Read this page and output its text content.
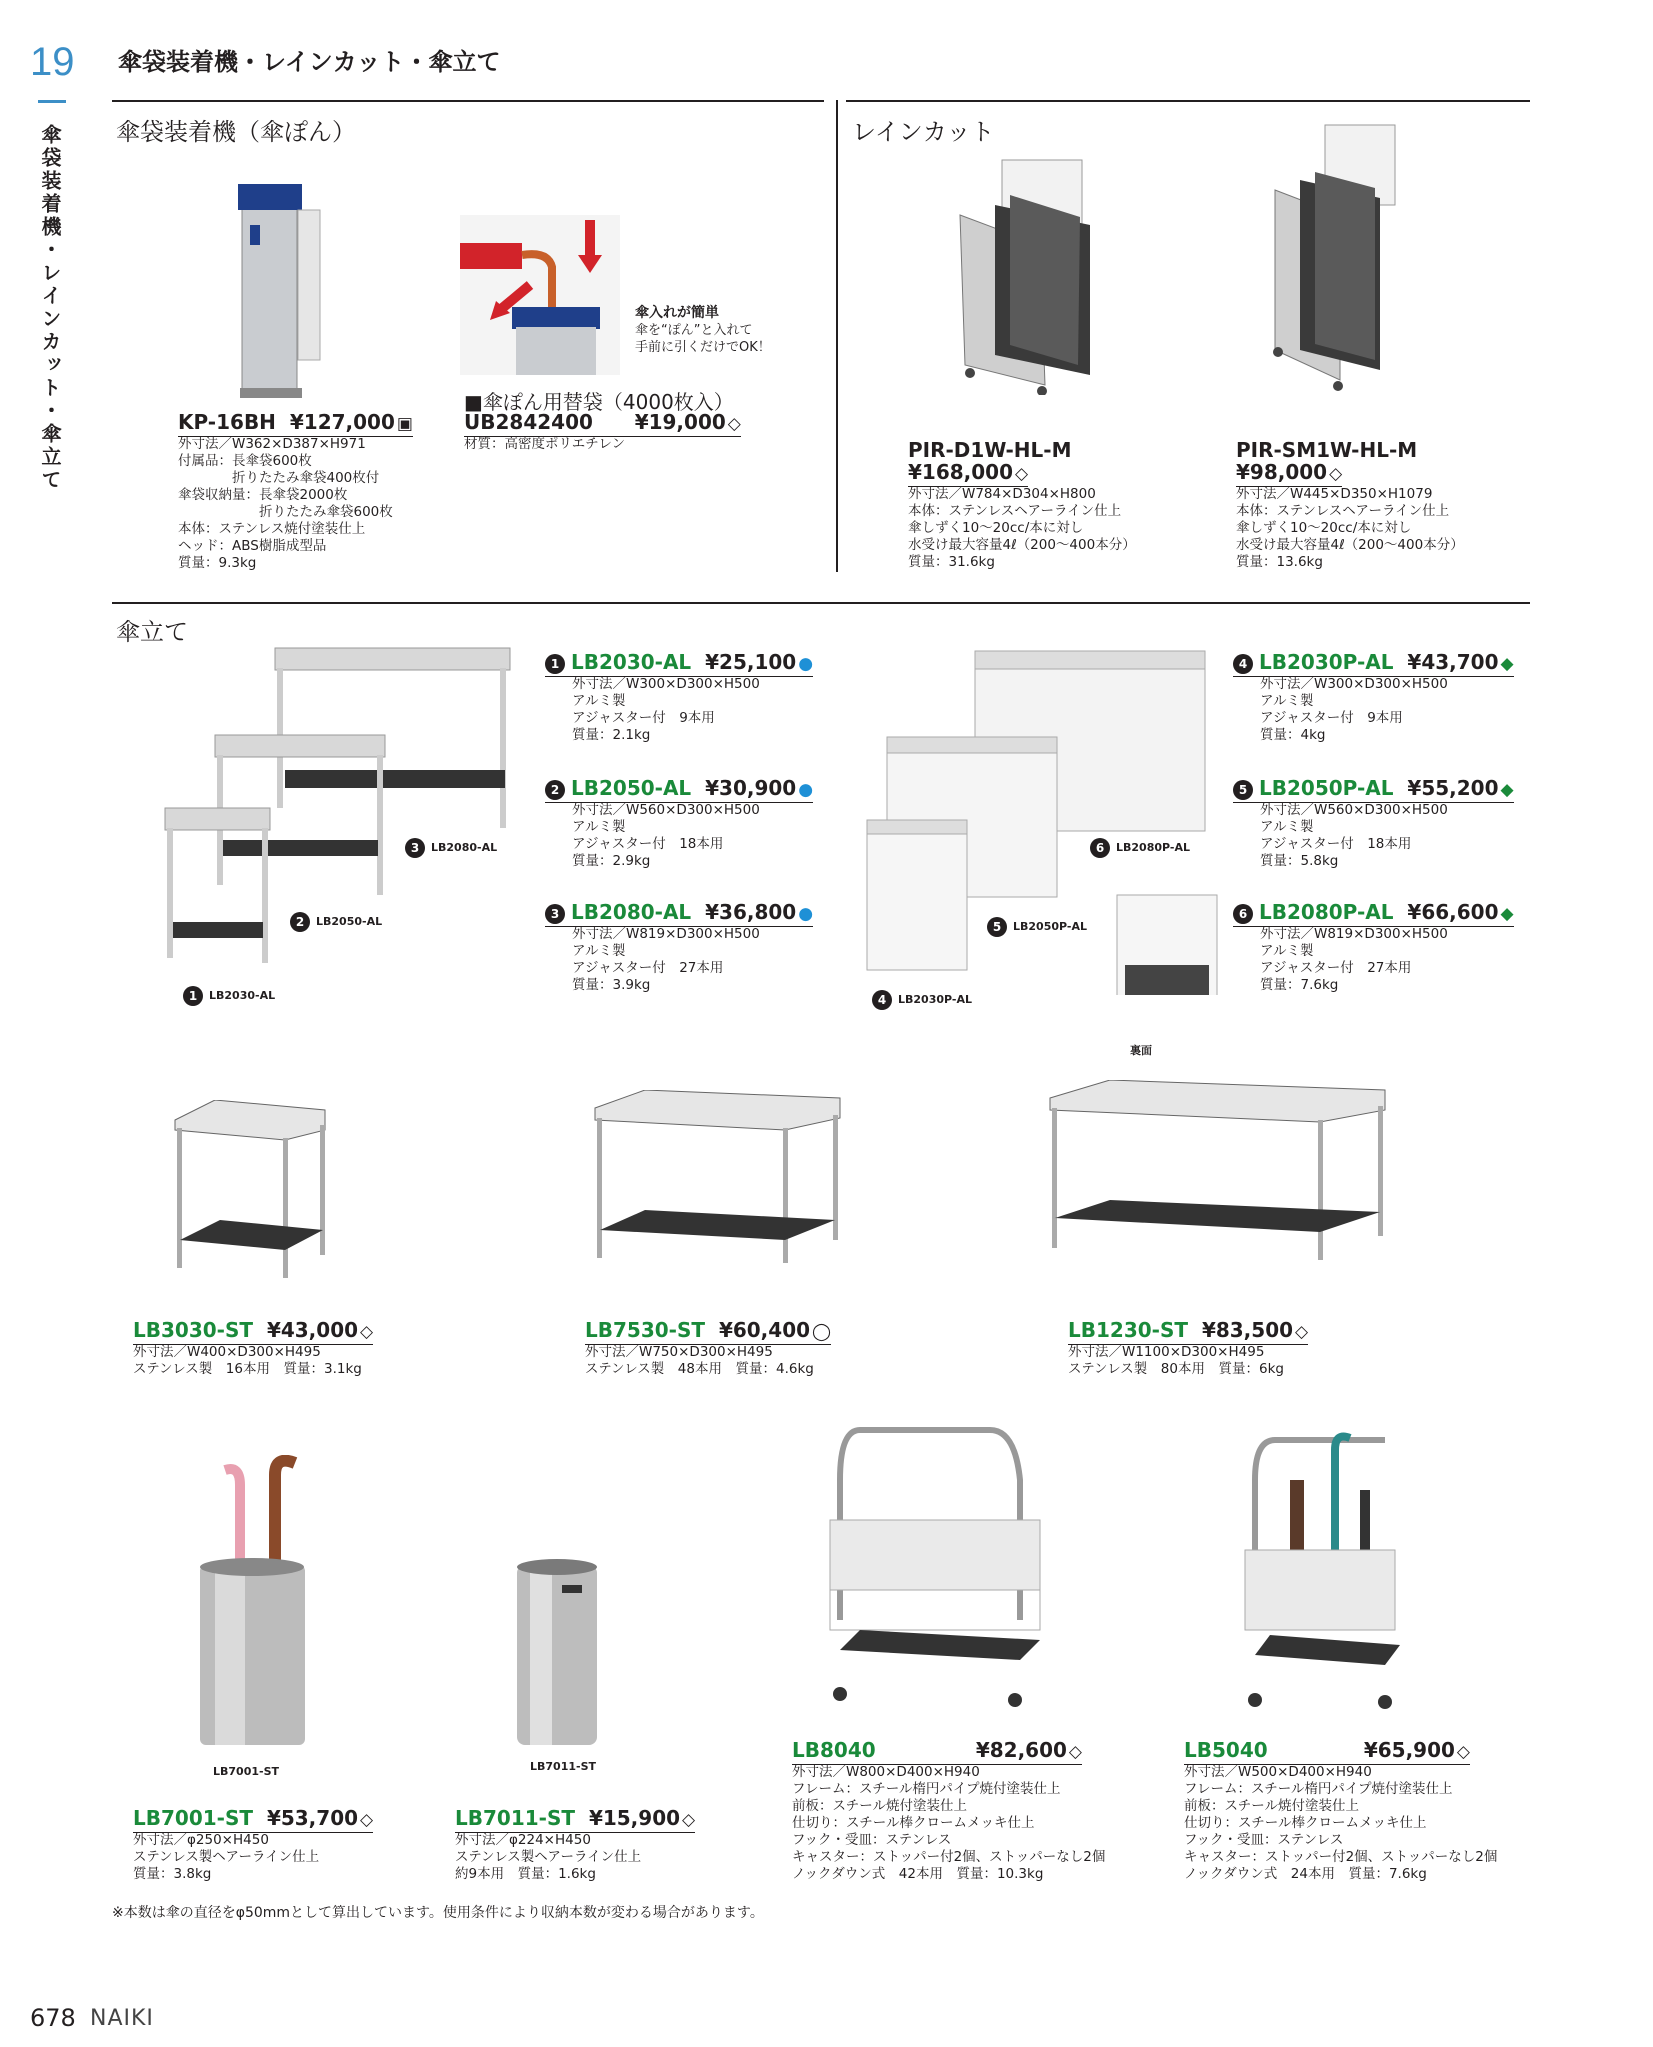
19
傘袋装着機・レインカット・傘立て
傘袋装着機・レインカット・傘立て
傘袋装着機（傘ぽん）	レインカット
傘立て
傘入れが簡単
傘を“ぽん”と入れて
手前に引くだけでOK！
KP-16BH ¥127,000 ▣
外寸法／W362×D387×H971
付属品：長傘袋600枚
　　　　折りたたみ傘袋400枚付
傘袋収納量：長傘袋2000枚
　　　　　　折りたたみ傘袋600枚
本体：ステンレス焼付塗装仕上
ヘッド：ABS樹脂成型品
質量：9.3kg
■傘ぽん用替袋（4000枚入）
UB2842400 ¥19,000 ◇
材質：高密度ポリエチレン	PIR-D1W-HL-M
¥168,000 ◇
外寸法／W784×D304×H800
本体：ステンレスヘアーライン仕上
傘しずく10～20cc/本に対し
水受け最大容量4ℓ（200～400本分）
質量：31.6kg
PIR-SM1W-HL-M
¥98,000 ◇
外寸法／W445×D350×H1079
本体：ステンレスヘアーライン仕上
傘しずく10～20cc/本に対し
水受け最大容量4ℓ（200～400本分）
質量：13.6kg
3 LB2080-AL
2 LB2050-AL
1 LB2030-AL
1 LB2030-AL ¥25,100 ●
外寸法／W300×D300×H500
アルミ製
アジャスター付　9本用
質量：2.1kg
2 LB2050-AL ¥30,900 ●
外寸法／W560×D300×H500
アルミ製
アジャスター付　18本用
質量：2.9kg
3 LB2080-AL ¥36,800 ●
外寸法／W819×D300×H500
アルミ製
アジャスター付　27本用
質量：3.9kg
6 LB2080P-AL
5 LB2050P-AL
4 LB2030P-AL
裏面
4 LB2030P-AL ¥43,700 ◆
外寸法／W300×D300×H500
アルミ製
アジャスター付　9本用
質量：4kg
5 LB2050P-AL ¥55,200 ◆
外寸法／W560×D300×H500
アルミ製
アジャスター付　18本用
質量：5.8kg
6 LB2080P-AL ¥66,600 ◆
外寸法／W819×D300×H500
アルミ製
アジャスター付　27本用
質量：7.6kg
LB3030-ST ¥43,000 ◇
外寸法／W400×D300×H495
ステンレス製　16本用　質量：3.1kg
LB7530-ST ¥60,400 ◯
外寸法／W750×D300×H495
ステンレス製　48本用　質量：4.6kg
LB1230-ST ¥83,500 ◇
外寸法／W1100×D300×H495
ステンレス製　80本用　質量：6kg
LB7001-ST	LB7011-ST
LB7001-ST ¥53,700 ◇
外寸法／φ250×H450
ステンレス製ヘアーライン仕上
質量：3.8kg
LB7011-ST ¥15,900 ◇
外寸法／φ224×H450
ステンレス製ヘアーライン仕上
約9本用　質量：1.6kg
LB8040	¥82,600 ◇
外寸法／W800×D400×H940
フレーム：スチール楕円パイプ焼付塗装仕上
前板：スチール焼付塗装仕上
仕切り：スチール棒クロームメッキ仕上
フック・受皿：ステンレス
キャスター：ストッパー付2個、ストッパーなし2個
ノックダウン式　42本用　質量：10.3kg
LB5040	¥65,900 ◇
外寸法／W500×D400×H940
フレーム：スチール楕円パイプ焼付塗装仕上
前板：スチール焼付塗装仕上
仕切り：スチール棒クロームメッキ仕上
フック・受皿：ステンレス
キャスター：ストッパー付2個、ストッパーなし2個
ノックダウン式　24本用　質量：7.6kg
※本数は傘の直径をφ50mmとして算出しています。使用条件により収納本数が変わる場合があります。
678 NAIKI
